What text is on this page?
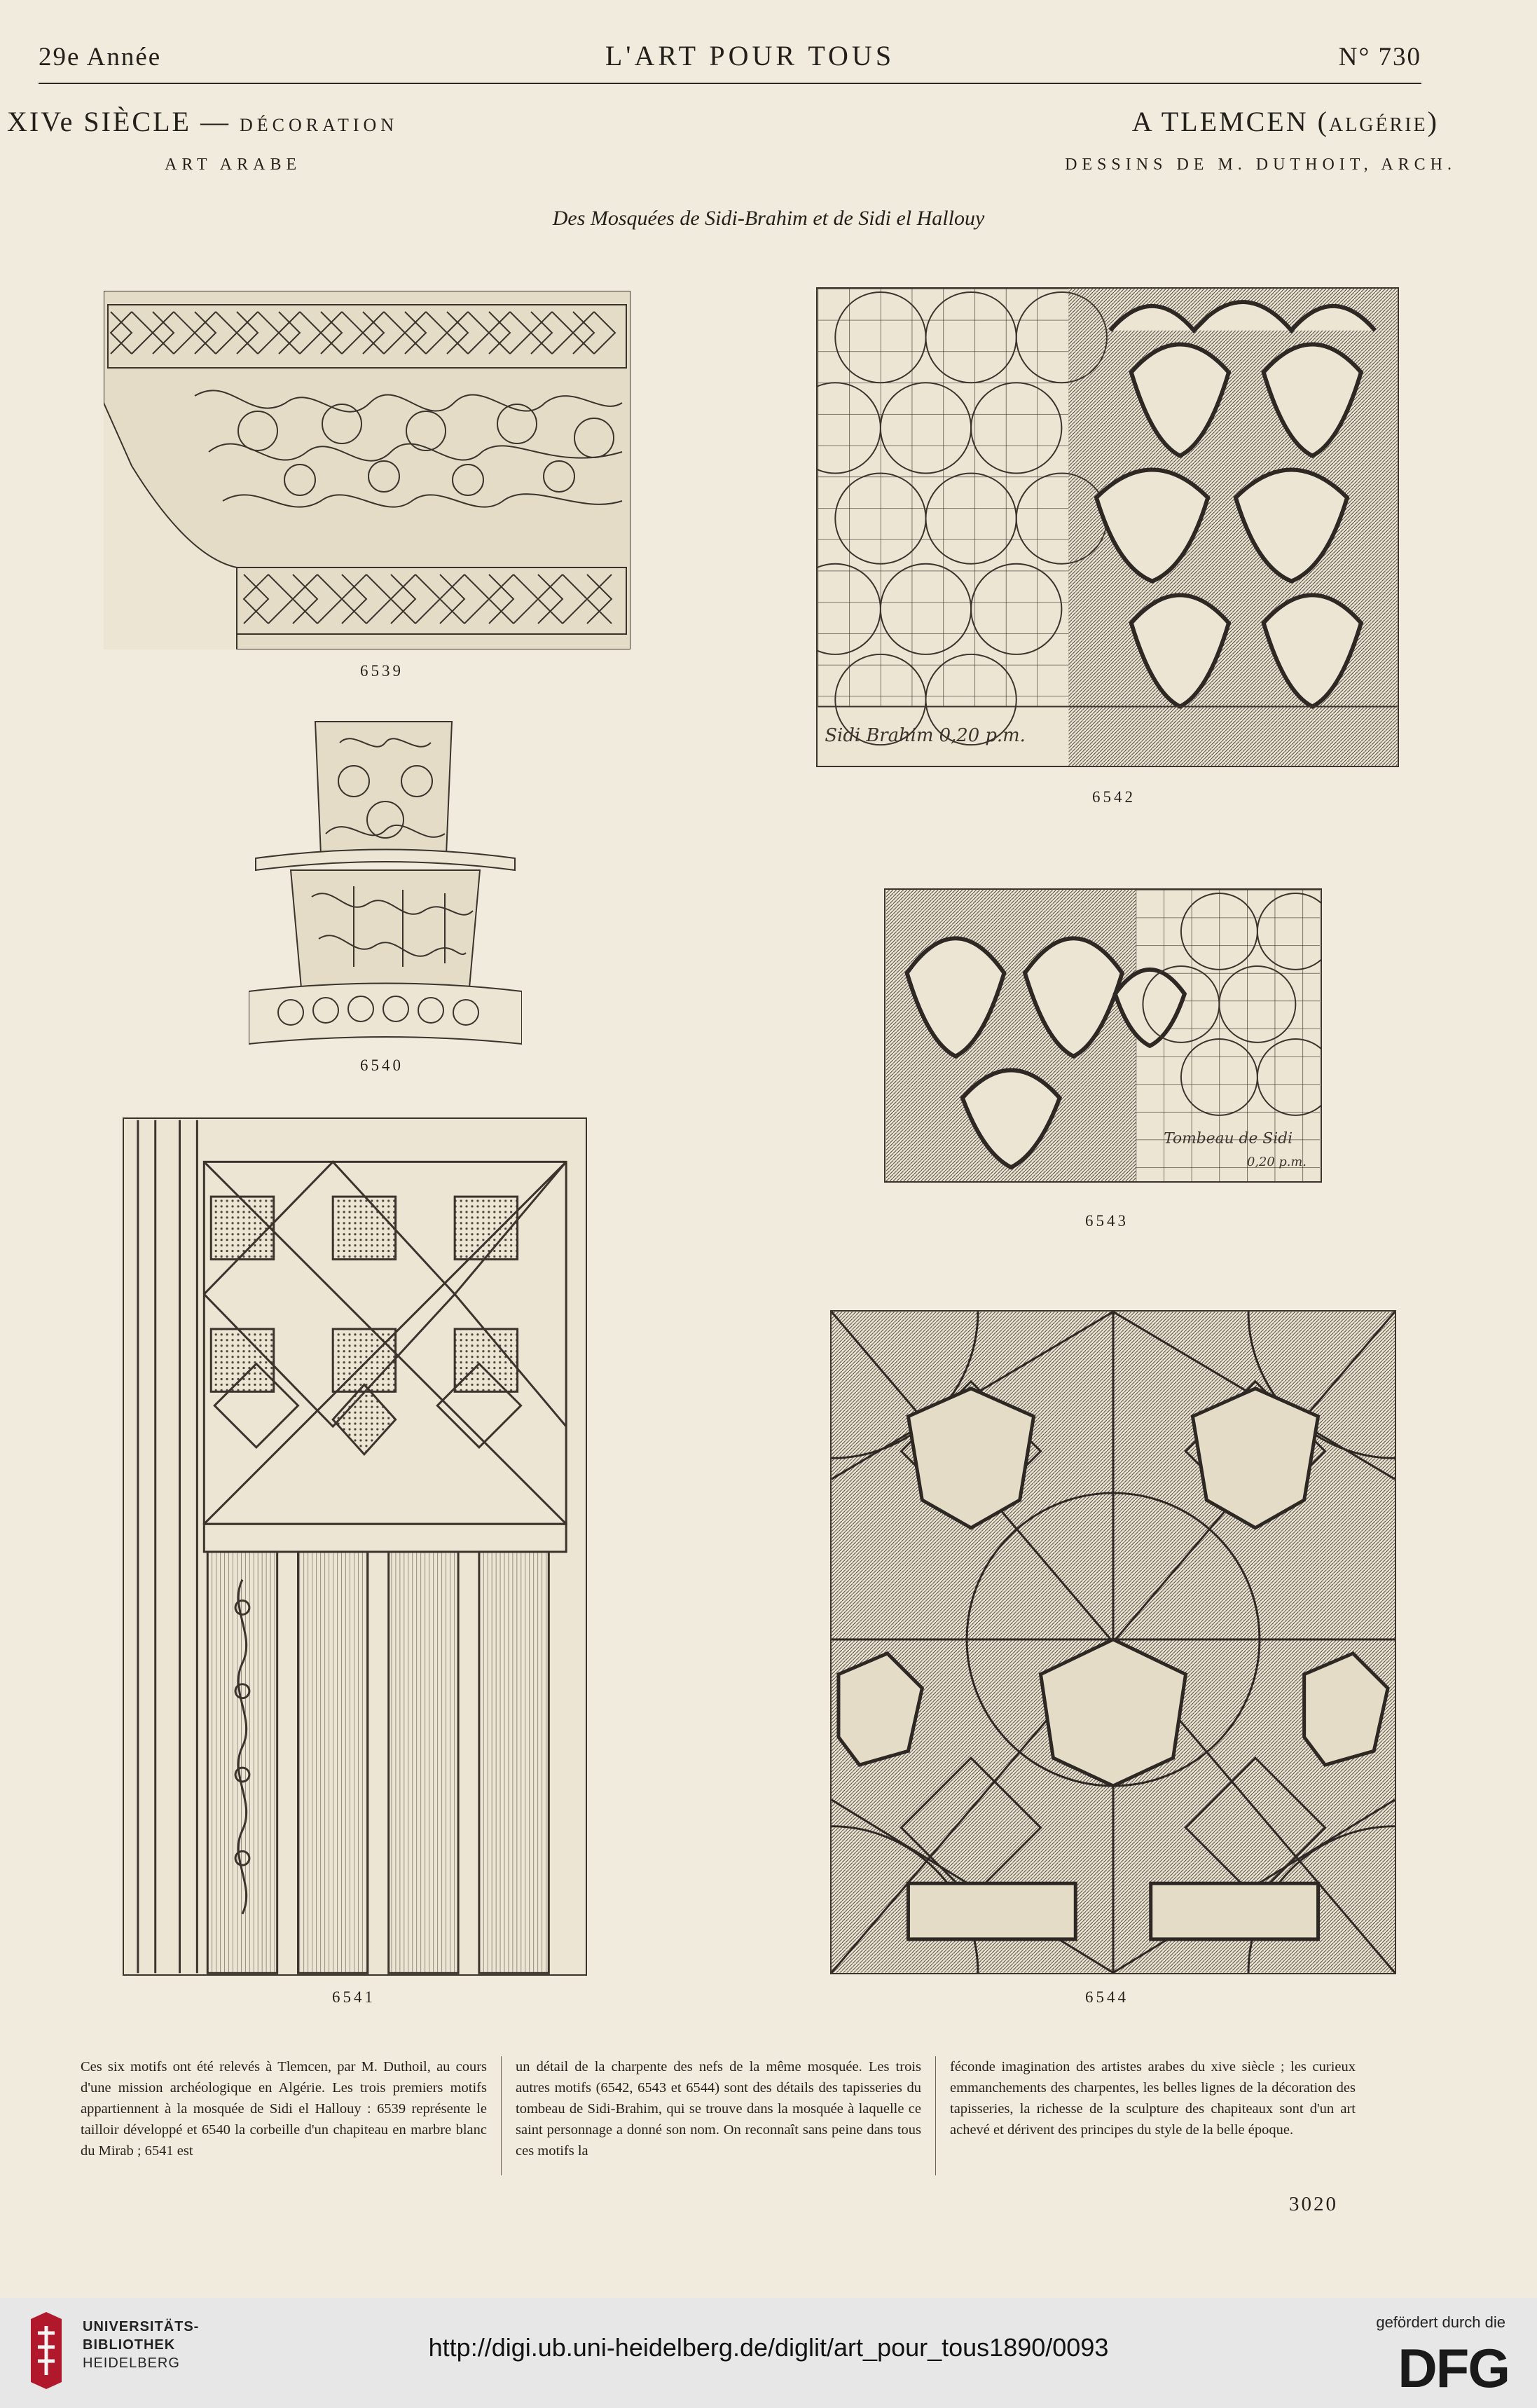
29e Année	L'ART POUR TOUS	N° 730
XIVe SIÈCLE — DÉCORATION
ART ARABE
A TLEMCEN (ALGÉRIE)
DESSINS DE M. DUTHOIT, ARCH.
Des Mosquées de Sidi-Brahim et de Sidi el Hallouy
6539
6540
6541
Sidi Brahim 0,20 p.m.
6542
Tombeau de Sidi
0,20 p.m.
6543
6544
Ces six motifs ont été relevés à Tlemcen, par M. Duthoil, au cours d'une mission archéologique en Algérie. Les trois premiers motifs appartiennent à la mosquée de Sidi el Hallouy : 6539 représente le tailloir développé et 6540 la corbeille d'un chapiteau en marbre blanc du Mirab ; 6541 est
un détail de la charpente des nefs de la même mosquée. Les trois autres motifs (6542, 6543 et 6544) sont des détails des tapisseries du tombeau de Sidi-Brahim, qui se trouve dans la mosquée à laquelle ce saint personnage a donné son nom. On reconnaît sans peine dans tous ces motifs la
féconde imagination des artistes arabes du xive siècle ; les curieux emmanchements des charpentes, les belles lignes de la décoration des tapisseries, la richesse de la sculpture des chapiteaux sont d'un art achevé et dérivent des principes du style de la belle époque.
3020
UNIVERSITÄTS-
BIBLIOTHEK
HEIDELBERG
http://digi.ub.uni-heidelberg.de/diglit/art_pour_tous1890/0093
gefördert durch die
DFG
